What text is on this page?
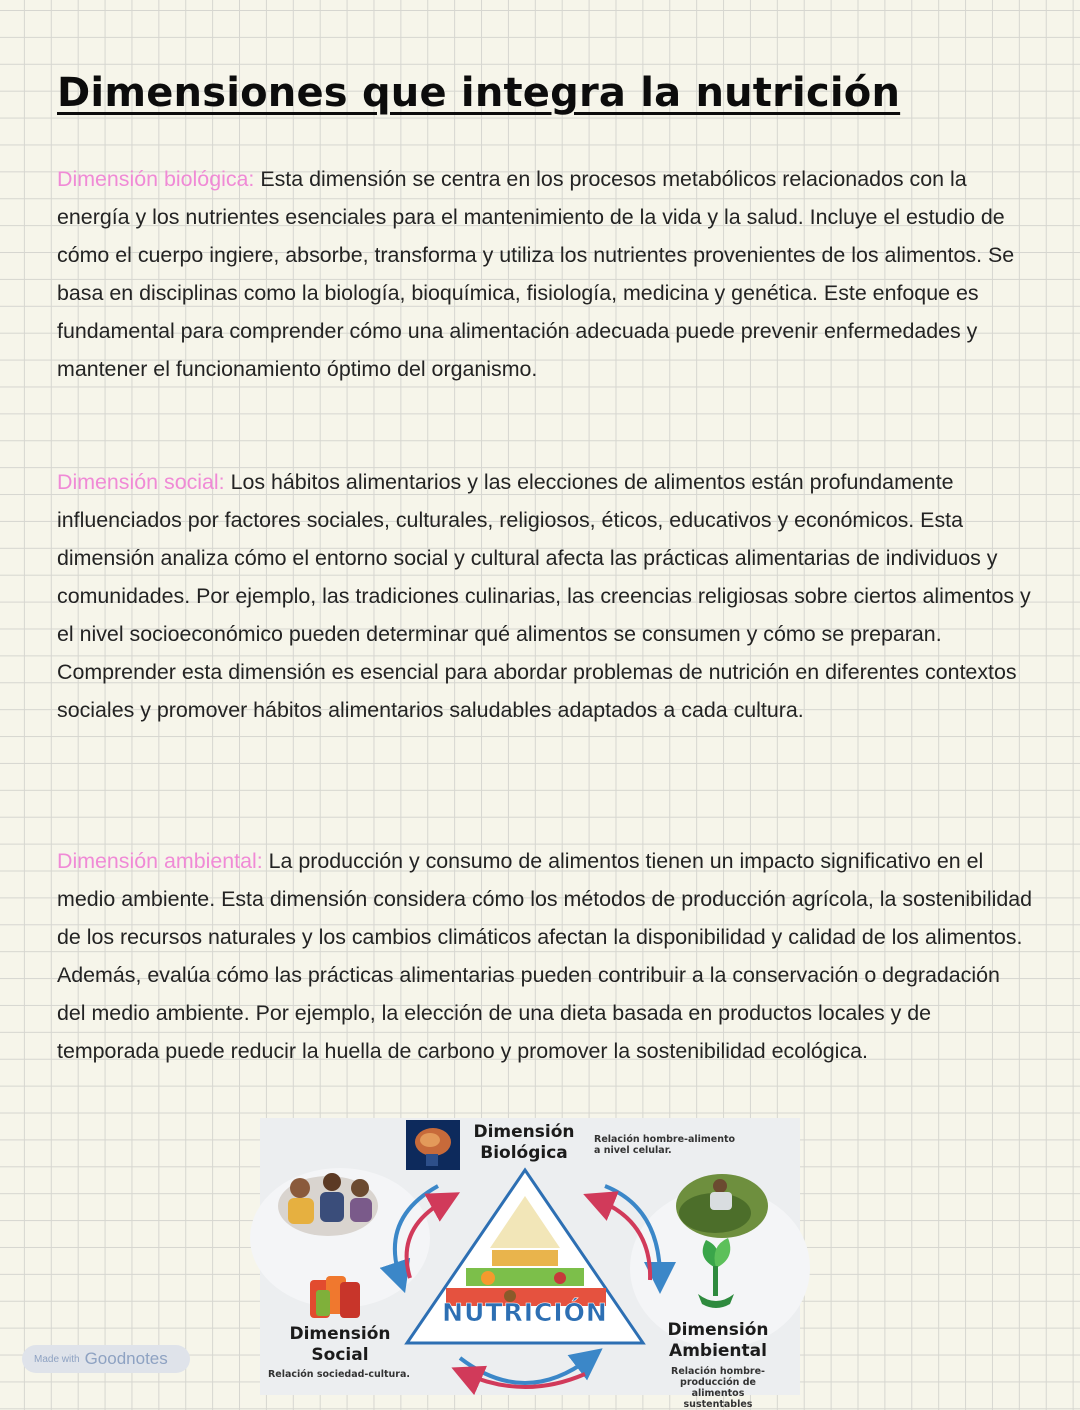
Dimensiones que integra la nutrición

Dimensión biológica: Esta dimensión se centra en los procesos metabólicos relacionados con la energía y los nutrientes esenciales para el mantenimiento de la vida y la salud. Incluye el estudio de cómo el cuerpo ingiere, absorbe, transforma y utiliza los nutrientes provenientes de los alimentos. Se basa en disciplinas como la biología, bioquímica, fisiología, medicina y genética. Este enfoque es fundamental para comprender cómo una alimentación adecuada puede prevenir enfermedades y mantener el funcionamiento óptimo del organismo.

Dimensión social: Los hábitos alimentarios y las elecciones de alimentos están profundamente influenciados por factores sociales, culturales, religiosos, éticos, educativos y económicos. Esta dimensión analiza cómo el entorno social y cultural afecta las prácticas alimentarias de individuos y comunidades. Por ejemplo, las tradiciones culinarias, las creencias religiosas sobre ciertos alimentos y el nivel socioeconómico pueden determinar qué alimentos se consumen y cómo se preparan. Comprender esta dimensión es esencial para abordar problemas de nutrición en diferentes contextos sociales y promover hábitos alimentarios saludables adaptados a cada cultura.

Dimensión ambiental: La producción y consumo de alimentos tienen un impacto significativo en el medio ambiente. Esta dimensión considera cómo los métodos de producción agrícola, la sostenibilidad de los recursos naturales y los cambios climáticos afectan la disponibilidad y calidad de los alimentos. Además, evalúa cómo las prácticas alimentarias pueden contribuir a la conservación o degradación del medio ambiente. Por ejemplo, la elección de una dieta basada en productos locales y de temporada puede reducir la huella de carbono y promover la sostenibilidad ecológica.

Dimensión
Biológica
Relación hombre-alimento a nivel celular.
NUTRICIÓN
Dimensión
Social
Relación sociedad-cultura.
Dimensión
Ambiental
Relación hombre-producción de alimentos sustentables
Made with Goodnotes
